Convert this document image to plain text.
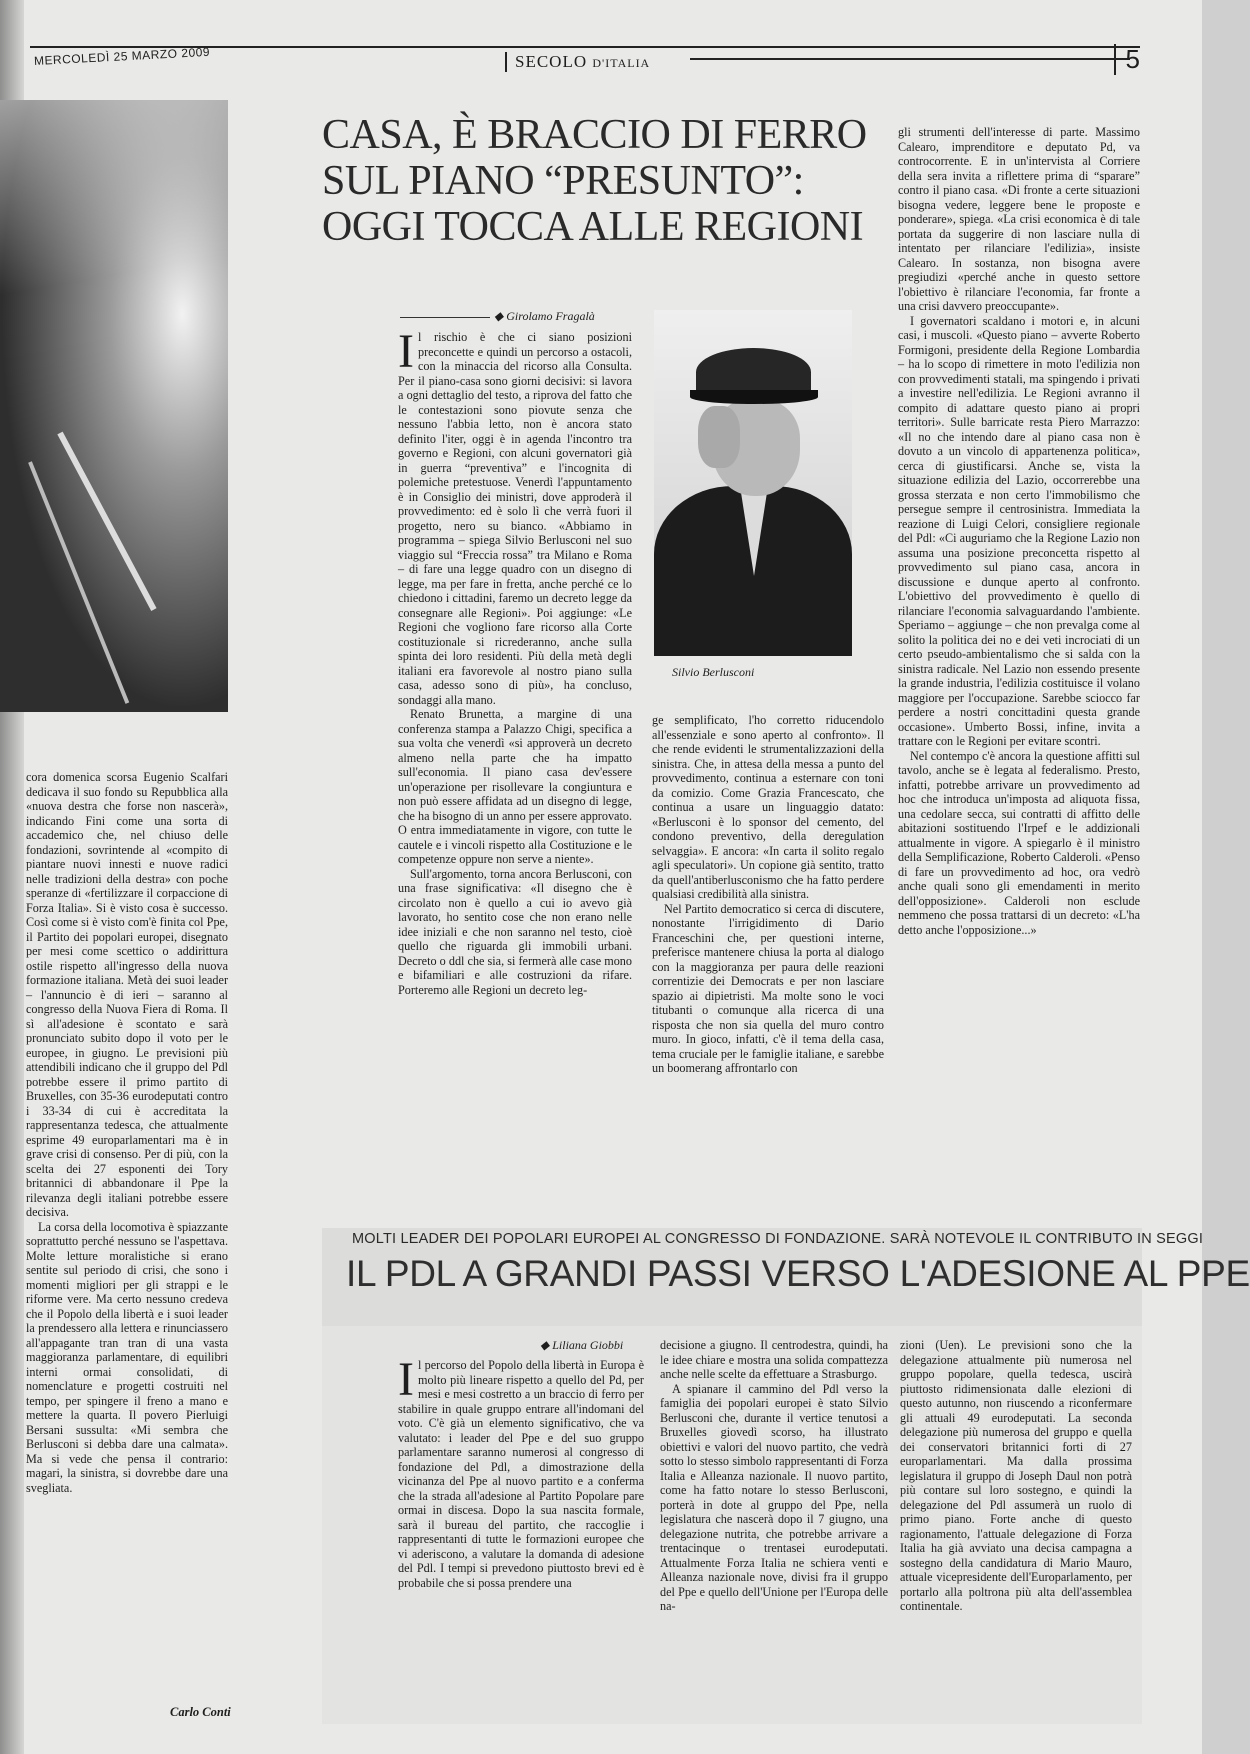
MERCOLEDÌ 25 MARZO 2009	SECOLO D'ITALIA	5
CASA, È BRACCIO DI FERRO
SUL PIANO “PRESUNTO”:
OGGI TOCCA ALLE REGIONI
◆ Girolamo Fragalà

Il rischio è che ci siano posizioni preconcette e quindi un percorso a ostacoli, con la minaccia del ricorso alla Consulta. Per il piano-casa sono giorni decisivi: si lavora a ogni dettaglio del testo, a riprova del fatto che le contestazioni sono piovute senza che nessuno l'abbia letto, non è ancora stato definito l'iter, oggi è in agenda l'incontro tra governo e Regioni, con alcuni governatori già in guerra “preventiva” e l'incognita di polemiche pretestuose. Venerdì l'appuntamento è in Consiglio dei ministri, dove approderà il provvedimento: ed è solo lì che verrà fuori il progetto, nero su bianco. «Abbiamo in programma – spiega Silvio Berlusconi nel suo viaggio sul “Freccia rossa” tra Milano e Roma – di fare una legge quadro con un disegno di legge, ma per fare in fretta, anche perché ce lo chiedono i cittadini, faremo un decreto legge da consegnare alle Regioni». Poi aggiunge: «Le Regioni che vogliono fare ricorso alla Corte costituzionale si ricrederanno, anche sulla spinta dei loro residenti. Più della metà degli italiani era favorevole al nostro piano sulla casa, adesso sono di più», ha concluso, sondaggi alla mano.

Renato Brunetta, a margine di una conferenza stampa a Palazzo Chigi, specifica a sua volta che venerdì «si approverà un decreto almeno nella parte che ha impatto sull'economia. Il piano casa dev'essere un'operazione per risollevare la congiuntura e non può essere affidata ad un disegno di legge, che ha bisogno di un anno per essere approvato. O entra immediatamente in vigore, con tutte le cautele e i vincoli rispetto alla Costituzione e le competenze oppure non serve a niente».

Sull'argomento, torna ancora Berlusconi, con una frase significativa: «Il disegno che è circolato non è quello a cui io avevo già lavorato, ho sentito cose che non erano nelle idee iniziali e che non saranno nel testo, cioè quello che riguarda gli immobili urbani. Decreto o ddl che sia, si fermerà alle case mono e bifamiliari e alle costruzioni da rifare. Porteremo alle Regioni un decreto leg-

Silvio Berlusconi

ge semplificato, l'ho corretto riducendolo all'essenziale e sono aperto al confronto». Il che rende evidenti le strumentalizzazioni della sinistra. Che, in attesa della messa a punto del provvedimento, continua a esternare con toni da comizio. Come Grazia Francescato, che continua a usare un linguaggio datato: «Berlusconi è lo sponsor del cemento, del condono preventivo, della deregulation selvaggia». E ancora: «In carta il solito regalo agli speculatori». Un copione già sentito, tratto da quell'antiberlusconismo che ha fatto perdere qualsiasi credibilità alla sinistra.

Nel Partito democratico si cerca di discutere, nonostante l'irrigidimento di Dario Franceschini che, per questioni interne, preferisce mantenere chiusa la porta al dialogo con la maggioranza per paura delle reazioni correntizie dei Democrats e per non lasciare spazio ai dipietristi. Ma molte sono le voci titubanti o comunque alla ricerca di una risposta che non sia quella del muro contro muro. In gioco, infatti, c'è il tema della casa, tema cruciale per le famiglie italiane, e sarebbe un boomerang affrontarlo con

gli strumenti dell'interesse di parte. Massimo Calearo, imprenditore e deputato Pd, va controcorrente. E in un'intervista al Corriere della sera invita a riflettere prima di “sparare” contro il piano casa. «Di fronte a certe situazioni bisogna vedere, leggere bene le proposte e ponderare», spiega. «La crisi economica è di tale portata da suggerire di non lasciare nulla di intentato per rilanciare l'edilizia», insiste Calearo. In sostanza, non bisogna avere pregiudizi «perché anche in questo settore l'obiettivo è rilanciare l'economia, far fronte a una crisi davvero preoccupante».

I governatori scaldano i motori e, in alcuni casi, i muscoli. «Questo piano – avverte Roberto Formigoni, presidente della Regione Lombardia – ha lo scopo di rimettere in moto l'edilizia non con provvedimenti statali, ma spingendo i privati a investire nell'edilizia. Le Regioni avranno il compito di adattare questo piano ai propri territori». Sulle barricate resta Piero Marrazzo: «Il no che intendo dare al piano casa non è dovuto a un vincolo di appartenenza politica», cerca di giustificarsi. Anche se, vista la situazione edilizia del Lazio, occorrerebbe una grossa sterzata e non certo l'immobilismo che persegue sempre il centrosinistra. Immediata la reazione di Luigi Celori, consigliere regionale del Pdl: «Ci auguriamo che la Regione Lazio non assuma una posizione preconcetta rispetto al provvedimento sul piano casa, ancora in discussione e dunque aperto al confronto. L'obiettivo del provvedimento è quello di rilanciare l'economia salvaguardando l'ambiente. Speriamo – aggiunge – che non prevalga come al solito la politica dei no e dei veti incrociati di un certo pseudo-ambientalismo che si salda con la sinistra radicale. Nel Lazio non essendo presente la grande industria, l'edilizia costituisce il volano maggiore per l'occupazione. Sarebbe sciocco far perdere a nostri concittadini questa grande occasione». Umberto Bossi, infine, invita a trattare con le Regioni per evitare scontri.

Nel contempo c'è ancora la questione affitti sul tavolo, anche se è legata al federalismo. Presto, infatti, potrebbe arrivare un provvedimento ad hoc che introduca un'imposta ad aliquota fissa, una cedolare secca, sui contratti di affitto delle abitazioni sostituendo l'Irpef e le addizionali attualmente in vigore. A spiegarlo è il ministro della Semplificazione, Roberto Calderoli. «Penso di fare un provvedimento ad hoc, ora vedrò anche quali sono gli emendamenti in merito dell'opposizione». Calderoli non esclude nemmeno che possa trattarsi di un decreto: «L'ha detto anche l'opposizione...»

cora domenica scorsa Eugenio Scalfari dedicava il suo fondo su Repubblica alla «nuova destra che forse non nascerà», indicando Fini come una sorta di accademico che, nel chiuso delle fondazioni, sovrintende al «compito di piantare nuovi innesti e nuove radici nelle tradizioni della destra» con poche speranze di «fertilizzare il corpaccione di Forza Italia». Si è visto cosa è successo. Così come si è visto com'è finita col Ppe, il Partito dei popolari europei, disegnato per mesi come scettico o addirittura ostile rispetto all'ingresso della nuova formazione italiana. Metà dei suoi leader – l'annuncio è di ieri – saranno al congresso della Nuova Fiera di Roma. Il sì all'adesione è scontato e sarà pronunciato subito dopo il voto per le europee, in giugno. Le previsioni più attendibili indicano che il gruppo del Pdl potrebbe essere il primo partito di Bruxelles, con 35-36 eurodeputati contro i 33-34 di cui è accreditata la rappresentanza tedesca, che attualmente esprime 49 europarlamentari ma è in grave crisi di consenso. Per di più, con la scelta dei 27 esponenti dei Tory britannici di abbandonare il Ppe la rilevanza degli italiani potrebbe essere decisiva.

La corsa della locomotiva è spiazzante soprattutto perché nessuno se l'aspettava. Molte letture moralistiche si erano sentite sul periodo di crisi, che sono i momenti migliori per gli strappi e le riforme vere. Ma certo nessuno credeva che il Popolo della libertà e i suoi leader la prendessero alla lettera e rinunciassero all'appagante tran tran di una vasta maggioranza parlamentare, di equilibri interni ormai consolidati, di nomenclature e progetti costruiti nel tempo, per spingere il freno a mano e mettere la quarta. Il povero Pierluigi Bersani sussulta: «Mi sembra che Berlusconi si debba dare una calmata». Ma si vede che pensa il contrario: magari, la sinistra, si dovrebbe dare una svegliata.

Carlo Conti
MOLTI LEADER DEI POPOLARI EUROPEI AL CONGRESSO DI FONDAZIONE. SARÀ NOTEVOLE IL CONTRIBUTO IN SEGGI
IL PDL A GRANDI PASSI VERSO L'ADESIONE AL PPE
◆ Liliana Giobbi

Il percorso del Popolo della libertà in Europa è molto più lineare rispetto a quello del Pd, per mesi e mesi costretto a un braccio di ferro per stabilire in quale gruppo entrare all'indomani del voto. C'è già un elemento significativo, che va valutato: i leader del Ppe e del suo gruppo parlamentare saranno numerosi al congresso di fondazione del Pdl, a dimostrazione della vicinanza del Ppe al nuovo partito e a conferma che la strada all'adesione al Partito Popolare pare ormai in discesa. Dopo la sua nascita formale, sarà il bureau del partito, che raccoglie i rappresentanti di tutte le formazioni europee che vi aderiscono, a valutare la domanda di adesione del Pdl. I tempi si prevedono piuttosto brevi ed è probabile che si possa prendere una

decisione a giugno. Il centrodestra, quindi, ha le idee chiare e mostra una solida compattezza anche nelle scelte da effettuare a Strasburgo.

A spianare il cammino del Pdl verso la famiglia dei popolari europei è stato Silvio Berlusconi che, durante il vertice tenutosi a Bruxelles giovedì scorso, ha illustrato obiettivi e valori del nuovo partito, che vedrà sotto lo stesso simbolo rappresentanti di Forza Italia e Alleanza nazionale. Il nuovo partito, come ha fatto notare lo stesso Berlusconi, porterà in dote al gruppo del Ppe, nella legislatura che nascerà dopo il 7 giugno, una delegazione nutrita, che potrebbe arrivare a trentacinque o trentasei eurodeputati. Attualmente Forza Italia ne schiera venti e Alleanza nazionale nove, divisi fra il gruppo del Ppe e quello dell'Unione per l'Europa delle na-

zioni (Uen). Le previsioni sono che la delegazione attualmente più numerosa nel gruppo popolare, quella tedesca, uscirà piuttosto ridimensionata dalle elezioni di questo autunno, non riuscendo a riconfermare gli attuali 49 eurodeputati. La seconda delegazione più numerosa del gruppo e quella dei conservatori britannici forti di 27 europarlamentari. Ma dalla prossima legislatura il gruppo di Joseph Daul non potrà più contare sul loro sostegno, e quindi la delegazione del Pdl assumerà un ruolo di primo piano. Forte anche di questo ragionamento, l'attuale delegazione di Forza Italia ha già avviato una decisa campagna a sostegno della candidatura di Mario Mauro, attuale vicepresidente dell'Europarlamento, per portarlo alla poltrona più alta dell'assemblea continentale.
